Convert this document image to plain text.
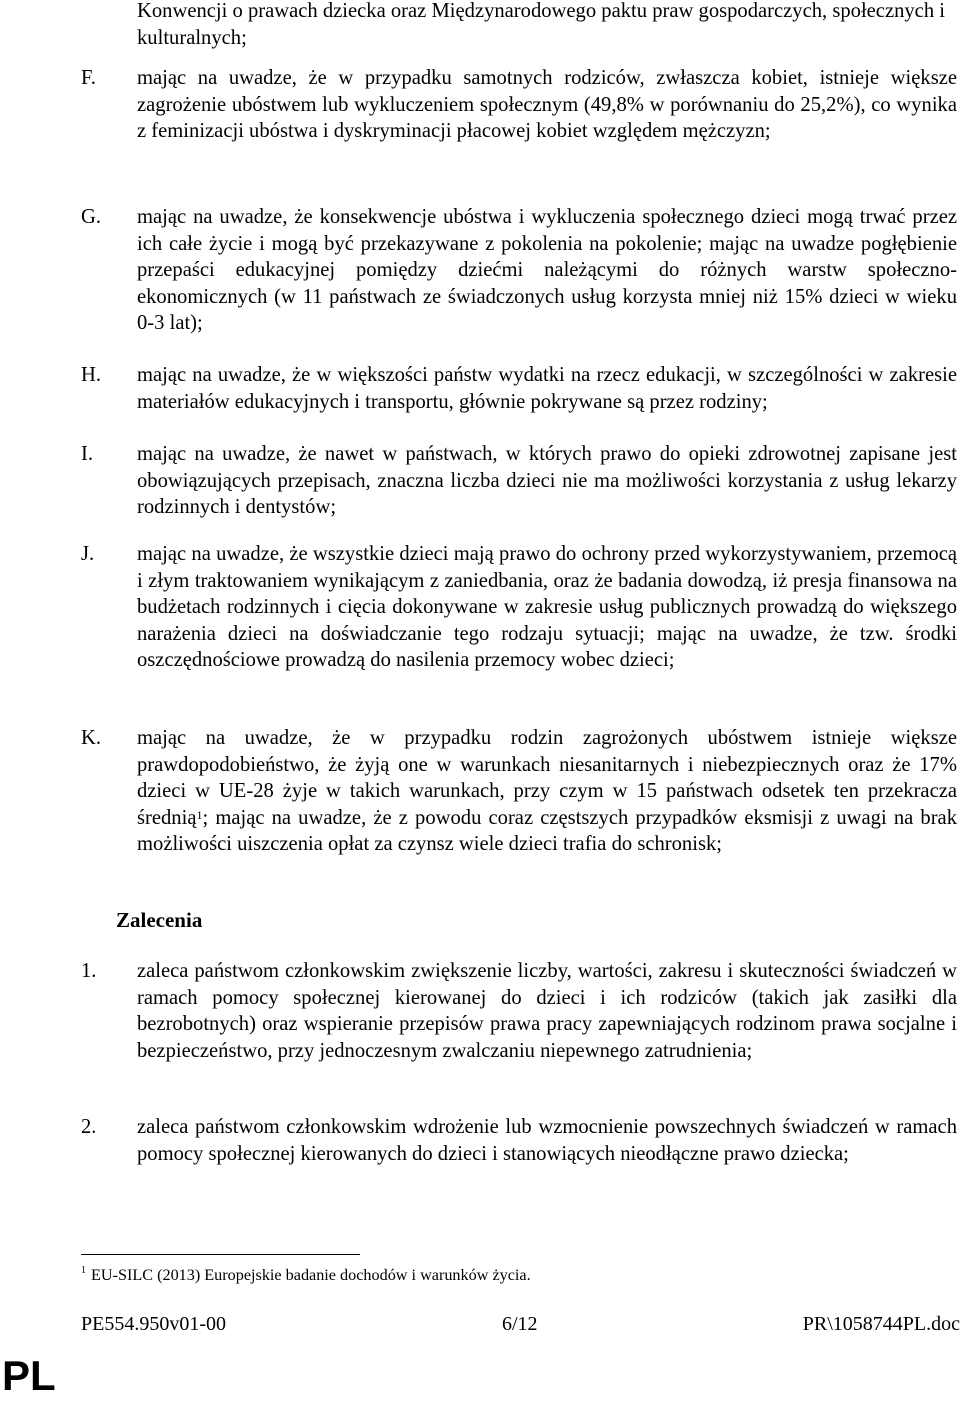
Konwencji o prawach dziecka oraz Międzynarodowego paktu praw gospodarczych, społecznych i kulturalnych;
F. mając na uwadze, że w przypadku samotnych rodziców, zwłaszcza kobiet, istnieje większe zagrożenie ubóstwem lub wykluczeniem społecznym (49,8% w porównaniu do 25,2%), co wynika z feminizacji ubóstwa i dyskryminacji płacowej kobiet względem mężczyzn;
G. mając na uwadze, że konsekwencje ubóstwa i wykluczenia społecznego dzieci mogą trwać przez ich całe życie i mogą być przekazywane z pokolenia na pokolenie; mając na uwadze pogłębienie przepaści edukacyjnej pomiędzy dziećmi należącymi do różnych warstw społeczno-ekonomicznych (w 11 państwach ze świadczonych usług korzysta mniej niż 15% dzieci w wieku 0-3 lat);
H. mając na uwadze, że w większości państw wydatki na rzecz edukacji, w szczególności w zakresie materiałów edukacyjnych i transportu, głównie pokrywane są przez rodziny;
I. mając na uwadze, że nawet w państwach, w których prawo do opieki zdrowotnej zapisane jest obowiązujących przepisach, znaczna liczba dzieci nie ma możliwości korzystania z usług lekarzy rodzinnych i dentystów;
J. mając na uwadze, że wszystkie dzieci mają prawo do ochrony przed wykorzystywaniem, przemocą i złym traktowaniem wynikającym z zaniedbania, oraz że badania dowodzą, iż presja finansowa na budżetach rodzinnych i cięcia dokonywane w zakresie usług publicznych prowadzą do większego narażenia dzieci na doświadczanie tego rodzaju sytuacji; mając na uwadze, że tzw. środki oszczędnościowe prowadzą do nasilenia przemocy wobec dzieci;
K. mając na uwadze, że w przypadku rodzin zagrożonych ubóstwem istnieje większe prawdopodobieństwo, że żyją one w warunkach niesanitarnych i niebezpiecznych oraz że 17% dzieci w UE-28 żyje w takich warunkach, przy czym w 15 państwach odsetek ten przekracza średnią$^1$; mając na uwadze, że z powodu coraz częstszych przypadków eksmisji z uwagi na brak możliwości uiszczenia opłat za czynsz wiele dzieci trafia do schronisk;
Zalecenia
1. zaleca państwom członkowskim zwiększenie liczby, wartości, zakresu i skuteczności świadczeń w ramach pomocy społecznej kierowanej do dzieci i ich rodziców (takich jak zasiłki dla bezrobotnych) oraz wspieranie przepisów prawa pracy zapewniających rodzinom prawa socjalne i bezpieczeństwo, przy jednoczesnym zwalczaniu niepewnego zatrudnienia;
2. zaleca państwom członkowskim wdrożenie lub wzmocnienie powszechnych świadczeń w ramach pomocy społecznej kierowanych do dzieci i stanowiących nieodłączne prawo dziecka;
$^1$ EU-SILC (2013) Europejskie badanie dochodów i warunków życia.
PE554.950v01-00	6/12	PR\1058744PL.doc
PL
